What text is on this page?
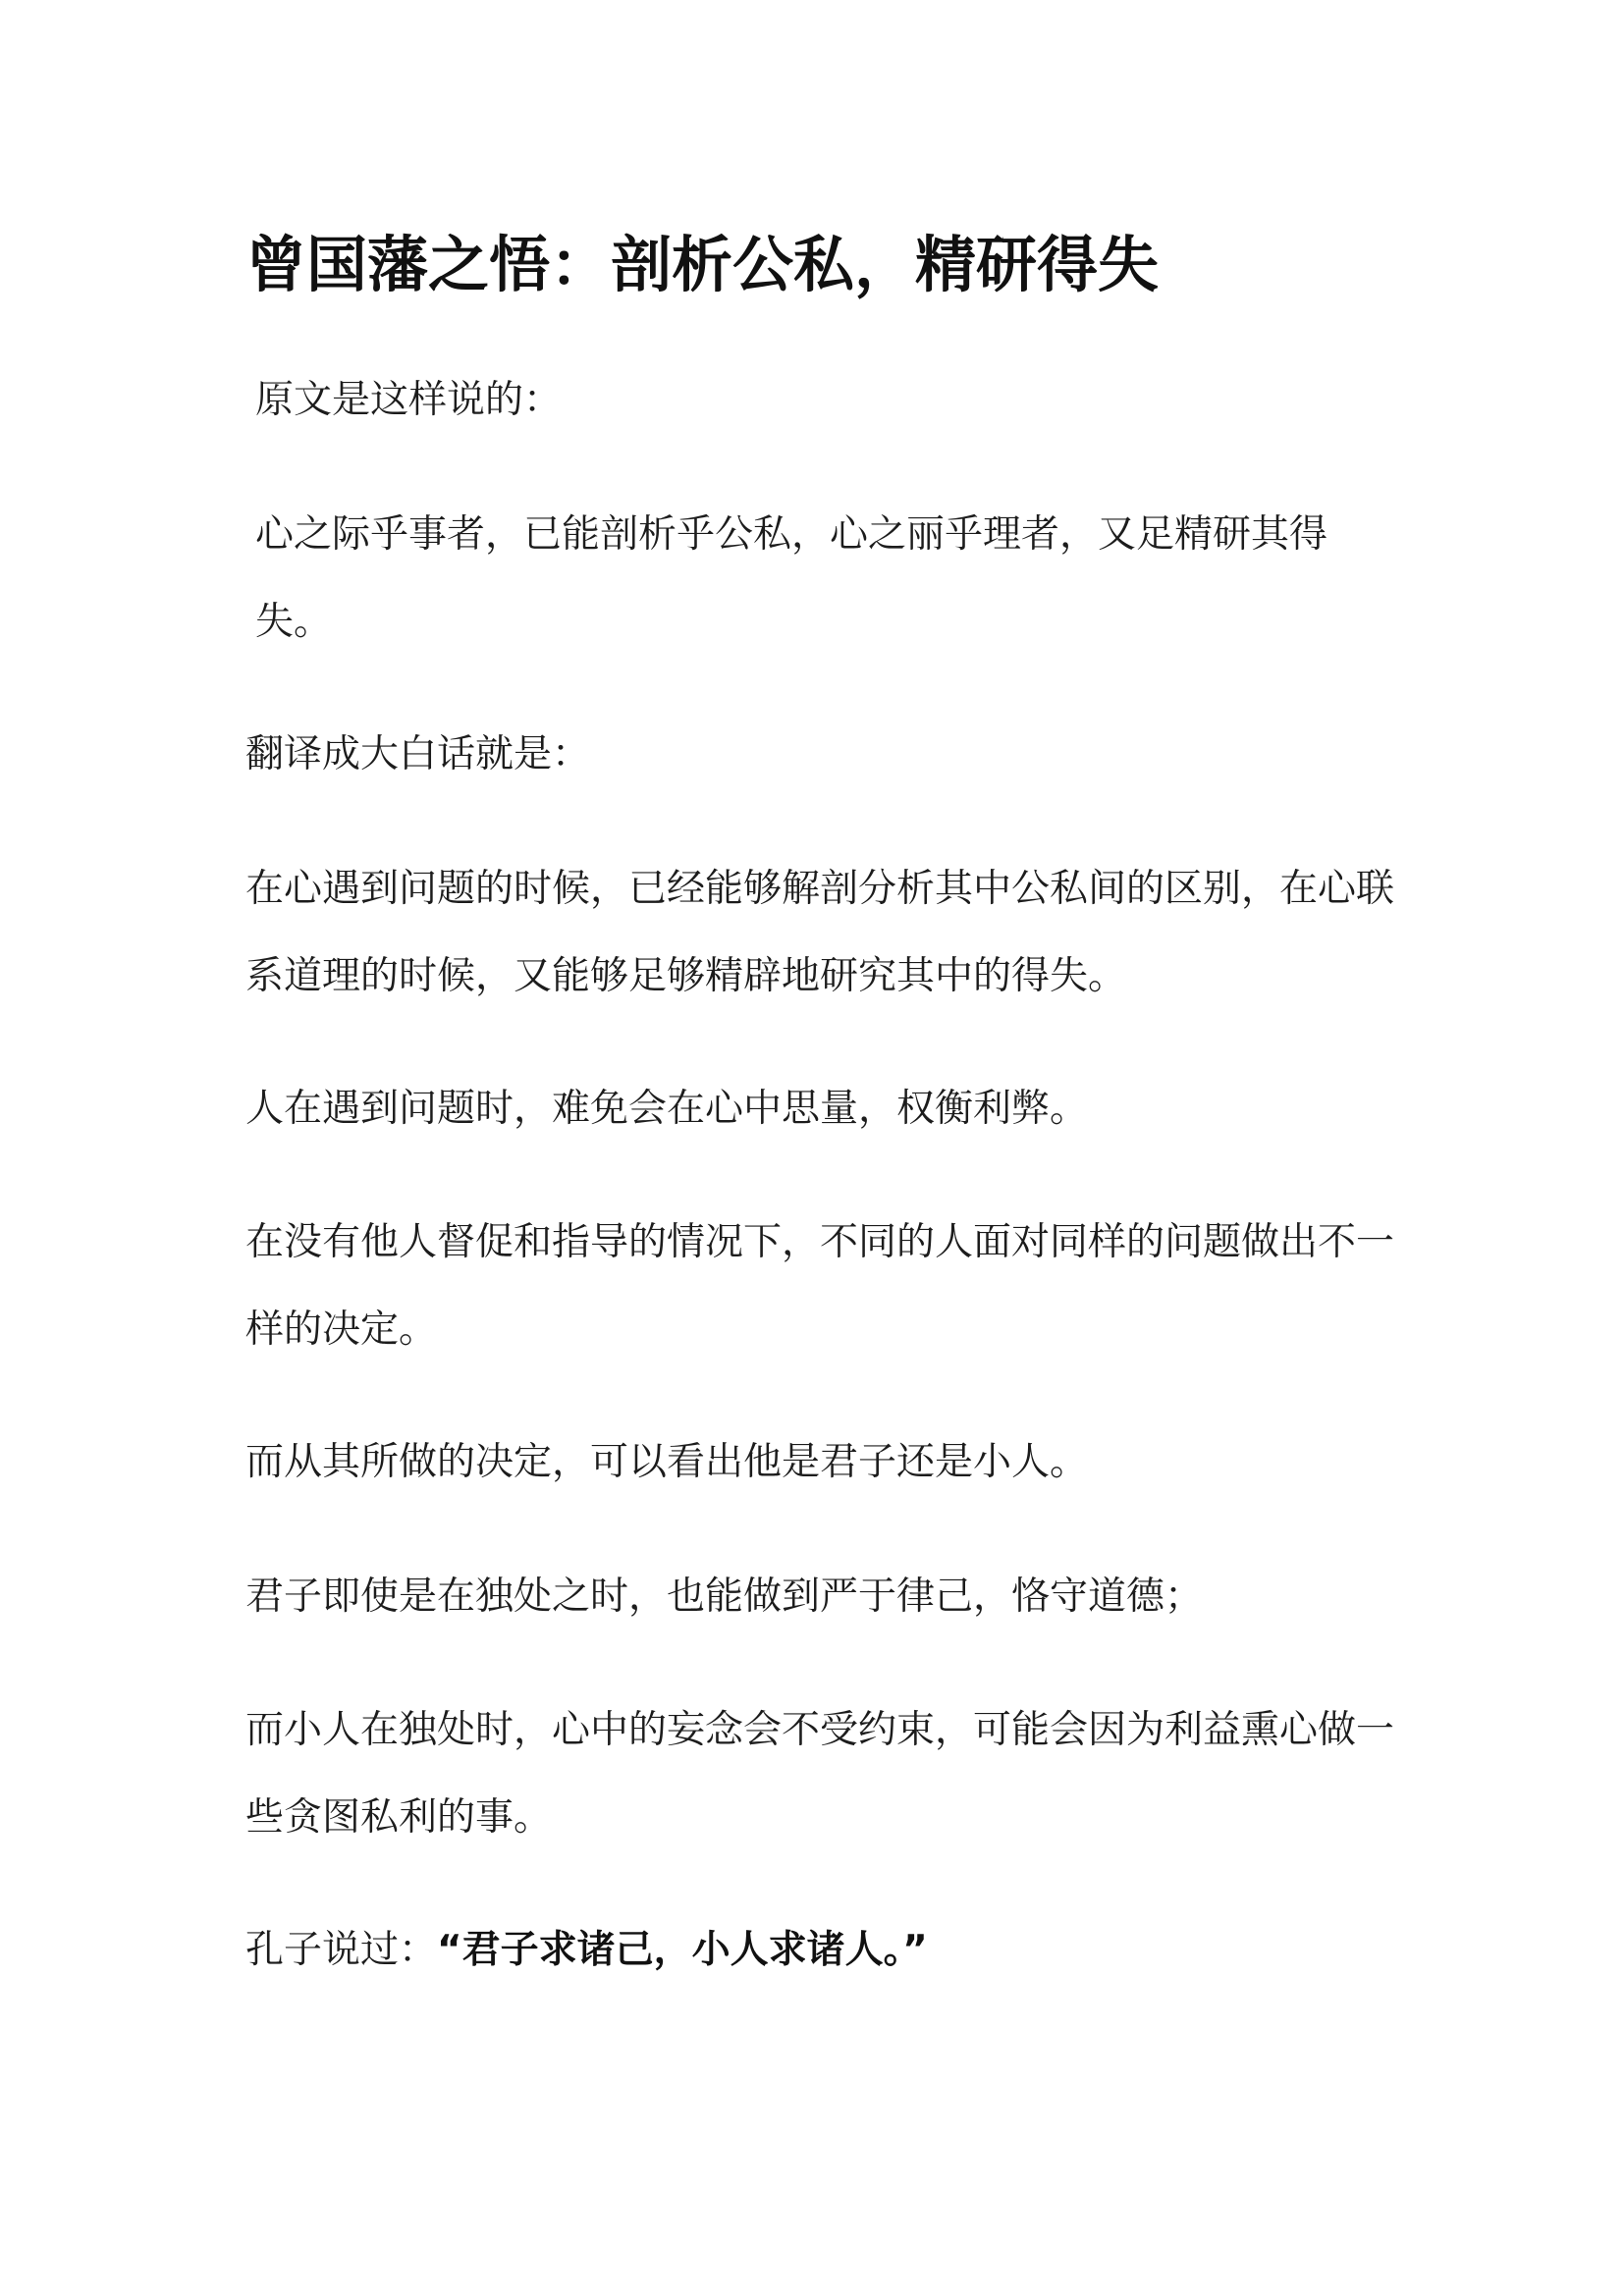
曾国藩之悟：剖析公私，精研得失

原文是这样说的：

心之际乎事者，已能剖析乎公私，心之丽乎理者，又足精研其得失。

翻译成大白话就是：

在心遇到问题的时候，已经能够解剖分析其中公私间的区别，在心联系道理的时候，又能够足够精辟地研究其中的得失。

人在遇到问题时，难免会在心中思量，权衡利弊。

在没有他人督促和指导的情况下，不同的人面对同样的问题做出不一样的决定。

而从其所做的决定，可以看出他是君子还是小人。

君子即使是在独处之时，也能做到严于律己，恪守道德；

而小人在独处时，心中的妄念会不受约束，可能会因为利益熏心做一些贪图私利的事。

孔子说过：“君子求诸己，小人求诸人。”
